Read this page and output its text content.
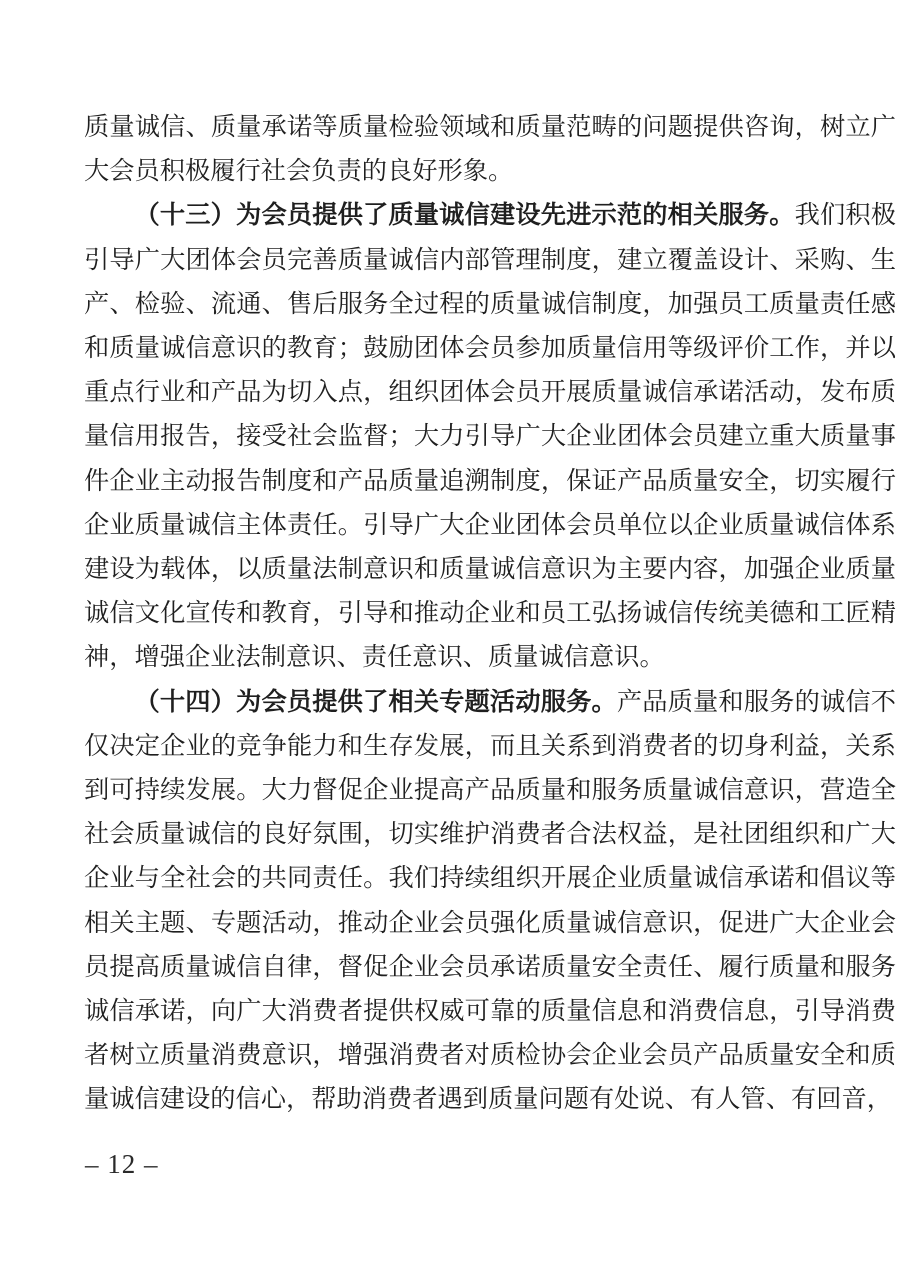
质量诚信、质量承诺等质量检验领域和质量范畴的问题提供咨询，树立广大会员积极履行社会负责的良好形象。

（十三）为会员提供了质量诚信建设先进示范的相关服务。我们积极引导广大团体会员完善质量诚信内部管理制度，建立覆盖设计、采购、生产、检验、流通、售后服务全过程的质量诚信制度，加强员工质量责任感和质量诚信意识的教育；鼓励团体会员参加质量信用等级评价工作，并以重点行业和产品为切入点，组织团体会员开展质量诚信承诺活动，发布质量信用报告，接受社会监督；大力引导广大企业团体会员建立重大质量事件企业主动报告制度和产品质量追溯制度，保证产品质量安全，切实履行企业质量诚信主体责任。引导广大企业团体会员单位以企业质量诚信体系建设为载体，以质量法制意识和质量诚信意识为主要内容，加强企业质量诚信文化宣传和教育，引导和推动企业和员工弘扬诚信传统美德和工匠精神，增强企业法制意识、责任意识、质量诚信意识。

（十四）为会员提供了相关专题活动服务。产品质量和服务的诚信不仅决定企业的竞争能力和生存发展，而且关系到消费者的切身利益，关系到可持续发展。大力督促企业提高产品质量和服务质量诚信意识，营造全社会质量诚信的良好氛围，切实维护消费者合法权益，是社团组织和广大企业与全社会的共同责任。我们持续组织开展企业质量诚信承诺和倡议等相关主题、专题活动，推动企业会员强化质量诚信意识，促进广大企业会员提高质量诚信自律，督促企业会员承诺质量安全责任、履行质量和服务诚信承诺，向广大消费者提供权威可靠的质量信息和消费信息，引导消费者树立质量消费意识，增强消费者对质检协会企业会员产品质量安全和质量诚信建设的信心，帮助消费者遇到质量问题有处说、有人管、有回音，

– 12 –
